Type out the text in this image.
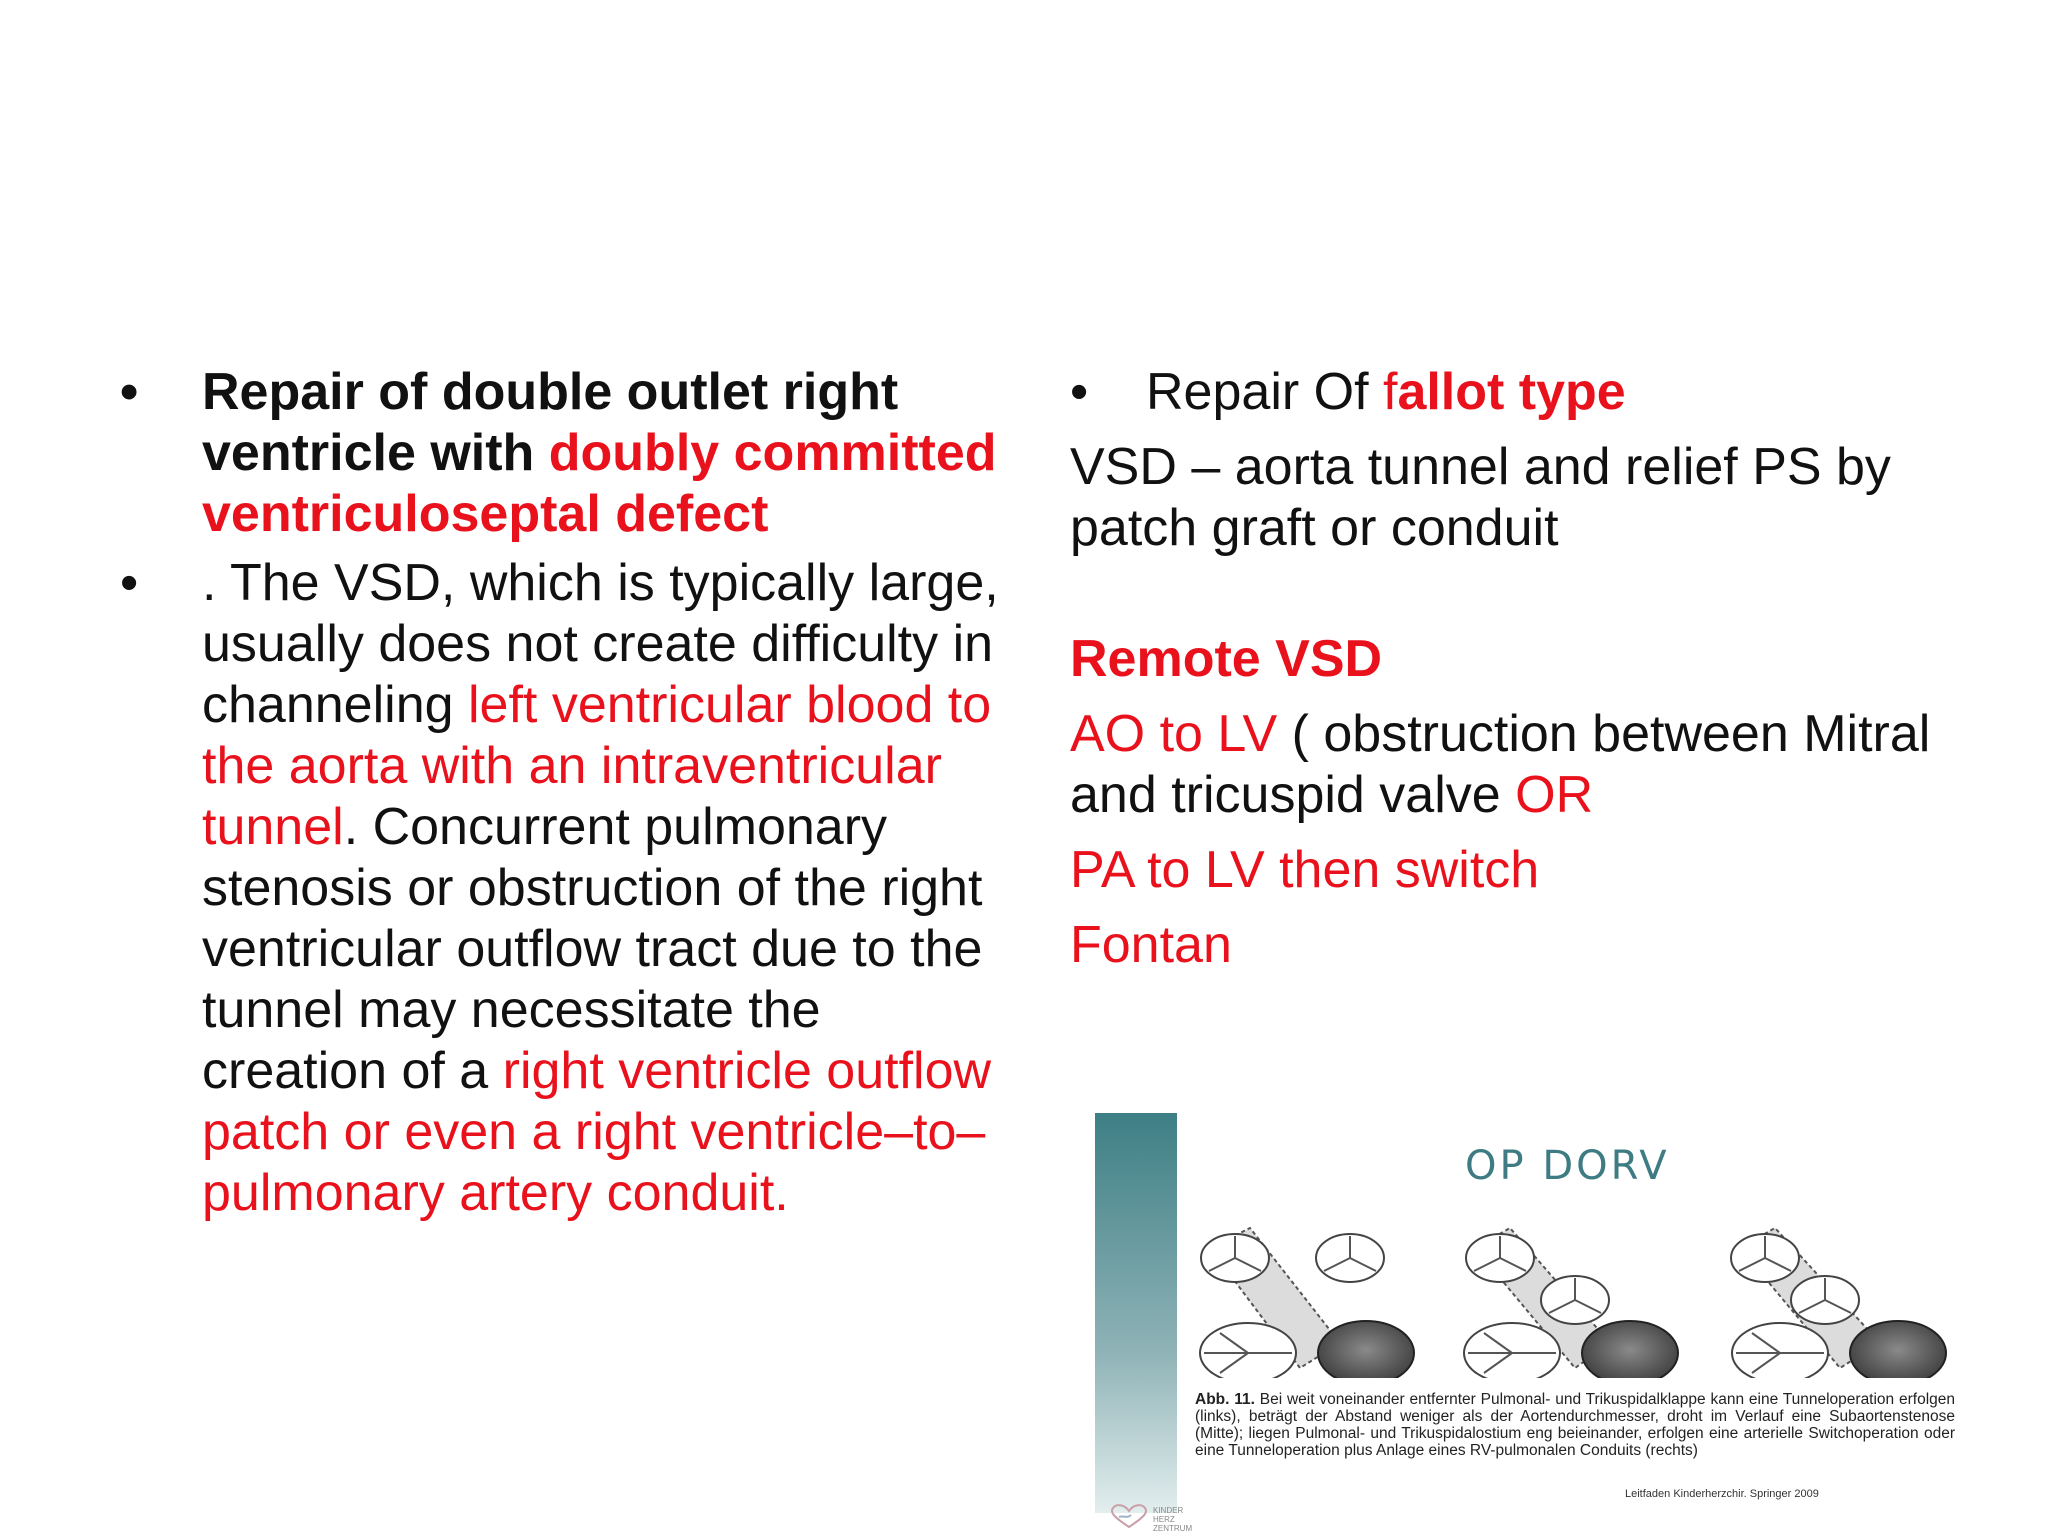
•	Repair of double outlet right ventricle with doubly committed ventriculoseptal defect
•	. The VSD, which is typically large, usually does not create difficulty in channeling left ventricular blood to the aorta with an intraventricular tunnel. Concurrent pulmonary stenosis or obstruction of the right ventricular outflow tract due to the tunnel may necessitate the creation of a right ventricle outflow patch or even a right ventricle–to–pulmonary artery conduit.
• Repair Of fallot type

VSD – aorta tunnel and relief PS by patch graft or conduit

Remote VSD

AO to LV ( obstruction between Mitral and tricuspid valve OR

PA to LV then switch

Fontan

OP DORV
Abb. 11. Bei weit voneinander entfernter Pulmonal- und Trikuspidalklappe kann eine Tunneloperation erfolgen (links), beträgt der Abstand weniger als der Aortendurchmesser, droht im Verlauf eine Subaortenstenose (Mitte); liegen Pulmonal- und Trikuspidalostium eng beieinander, erfolgen eine arterielle Switchoperation oder eine Tunneloperation plus Anlage eines RV-pulmonalen Conduits (rechts)
Leitfaden Kinderherzchir. Springer 2009
KINDER
HERZ
ZENTRUM
